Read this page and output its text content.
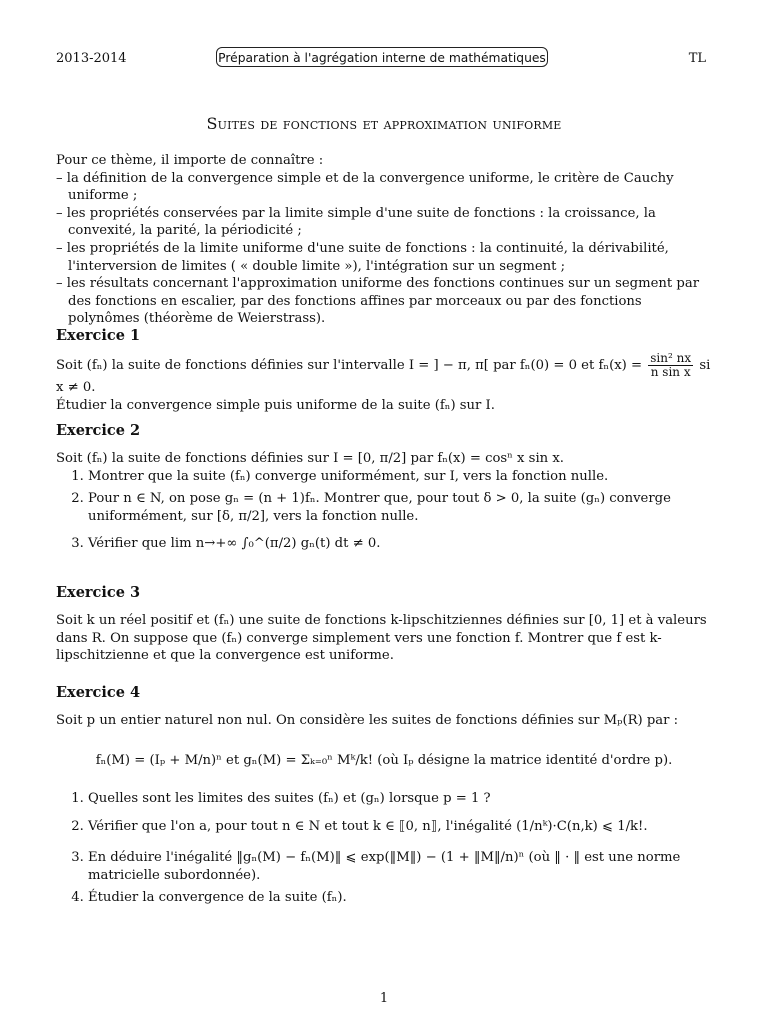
2013-2014	Préparation à l'agrégation interne de mathématiques	TL
Suites de fonctions et approximation uniforme

Pour ce thème, il importe de connaître :

– la définition de la convergence simple et de la convergence uniforme, le critère de Cauchy uniforme ;

– les propriétés conservées par la limite simple d'une suite de fonctions : la croissance, la convexité, la parité, la périodicité ;

– les propriétés de la limite uniforme d'une suite de fonctions : la continuité, la dérivabilité, l'interversion de limites ( « double limite »), l'intégration sur un segment ;

– les résultats concernant l'approximation uniforme des fonctions continues sur un segment par des fonctions en escalier, par des fonctions affines par morceaux ou par des fonctions polynômes (théorème de Weierstrass).

Exercice 1

Soit (fₙ) la suite de fonctions définies sur l'intervalle I = ] − π, π[ par fₙ(0) = 0 et $f_n(x) = \frac{\text{sin² nx}}{\text{n sin x}}$ si x ≠ 0.

Étudier la convergence simple puis uniforme de la suite (fₙ) sur I.

Exercice 2

Soit (fₙ) la suite de fonctions définies sur I = [0, π/2] par fₙ(x) = cosⁿ x sin x.

1. Montrer que la suite (fₙ) converge uniformément, sur I, vers la fonction nulle.
2. Pour n ∈ N, on pose gₙ = (n + 1)fₙ. Montrer que, pour tout δ > 0, la suite (gₙ) converge uniformément, sur [δ, π/2], vers la fonction nulle.
3. Vérifier que lim n→+∞ ∫₀^(π/2) gₙ(t) dt ≠ 0.
Exercice 3

Soit k un réel positif et (fₙ) une suite de fonctions k-lipschitziennes définies sur [0, 1] et à valeurs dans R. On suppose que (fₙ) converge simplement vers une fonction f. Montrer que f est k-lipschitzienne et que la convergence est uniforme.

Exercice 4

Soit p un entier naturel non nul. On considère les suites de fonctions définies sur Mₚ(R) par :

fₙ(M) = (Iₚ + M/n)ⁿ et gₙ(M) = Σₖ₌₀ⁿ Mᵏ/k! (où Iₚ désigne la matrice identité d'ordre p).
1. Quelles sont les limites des suites (fₙ) et (gₙ) lorsque p = 1 ?
2. Vérifier que l'on a, pour tout n ∈ N et tout k ∈ ⟦0, n⟧, l'inégalité (1/nᵏ)·C(n,k) ⩽ 1/k!.
3. En déduire l'inégalité ‖gₙ(M) − fₙ(M)‖ ⩽ exp(‖M‖) − (1 + ‖M‖/n)ⁿ (où ‖ · ‖ est une norme matricielle subordonnée).
4. Étudier la convergence de la suite (fₙ).
1
